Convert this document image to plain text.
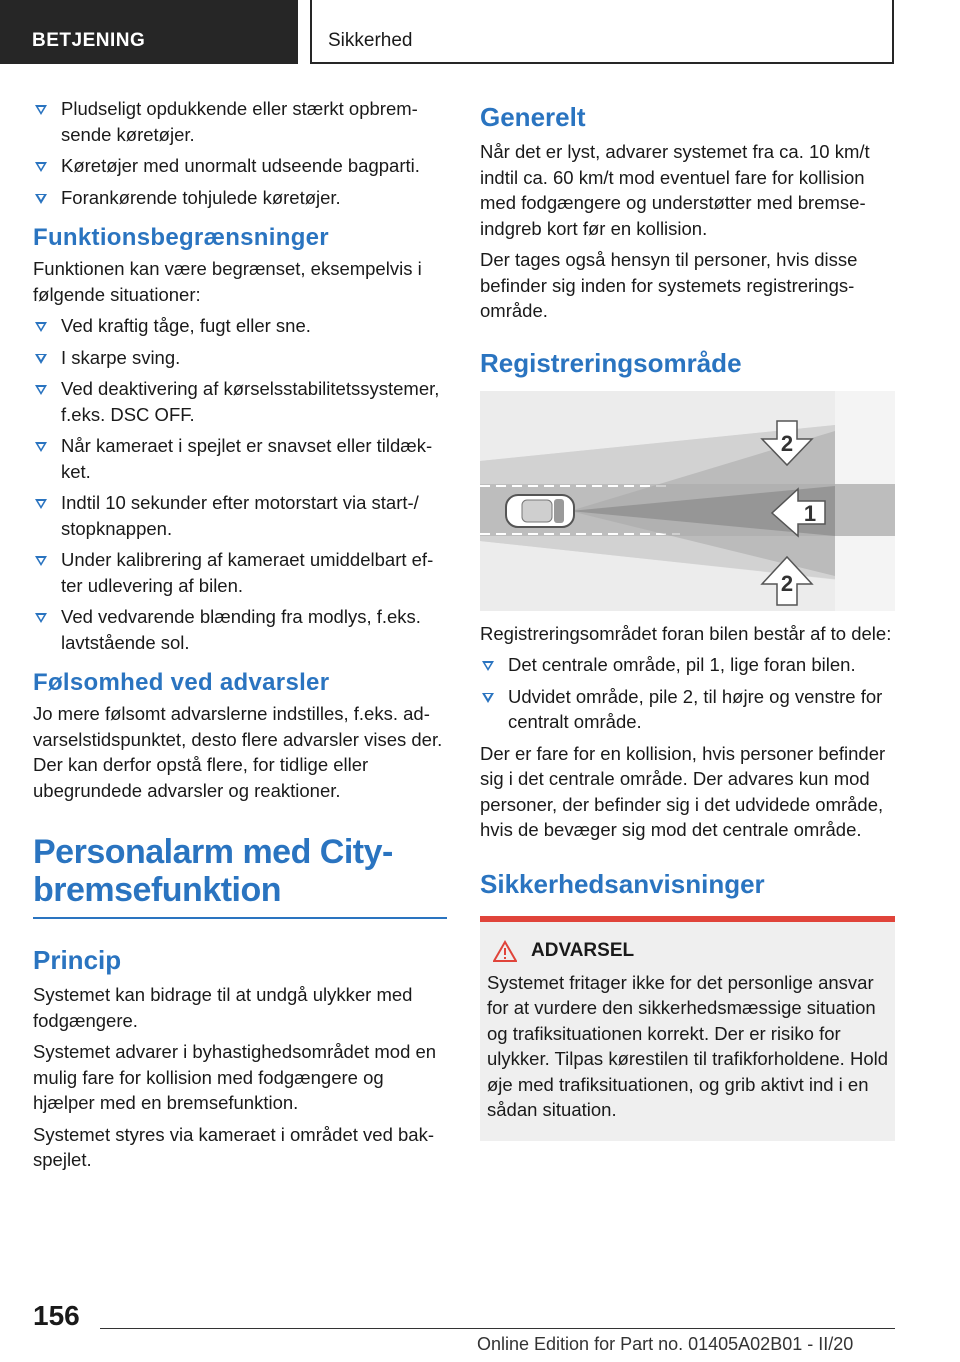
BETJENING	Sikkerhed
Pludseligt opdukkende eller stærkt opbremsende køretøjer.
Køretøjer med unormalt udseende bagparti.
Forankørende tohjulede køretøjer.
Funktionsbegrænsninger

Funktionen kan være begrænset, eksempelvis i følgende situationer:

Ved kraftig tåge, fugt eller sne.
I skarpe sving.
Ved deaktivering af kørselsstabilitetssystemer, f.eks. DSC OFF.
Når kameraet i spejlet er snavset eller tildækket.
Indtil 10 sekunder efter motorstart via start-/ stopknappen.
Under kalibrering af kameraet umiddelbart efter udlevering af bilen.
Ved vedvarende blænding fra modlys, f.eks. lavtstående sol.
Følsomhed ved advarsler

Jo mere følsomt advarslerne indstilles, f.eks. advarselstidspunktet, desto flere advarsler vises der. Der kan derfor opstå flere, for tidlige eller ubegrundede advarsler og reaktioner.

Personalarm med Citybremsefunktion
Princip

Systemet kan bidrage til at undgå ulykker med fodgængere.

Systemet advarer i byhastighedsområdet mod en mulig fare for kollision med fodgængere og hjælper med en bremsefunktion.

Systemet styres via kameraet i området ved bakspejlet.

Generelt

Når det er lyst, advarer systemet fra ca. 10 km/t indtil ca. 60 km/t mod eventuel fare for kollision med fodgængere og understøtter med bremseindgreb kort før en kollision.

Der tages også hensyn til personer, hvis disse befinder sig inden for systemets registreringsområde.

Registreringsområde
2
1
2

Registreringsområdet foran bilen består af to dele:

Det centrale område, pil 1, lige foran bilen.
Udvidet område, pile 2, til højre og venstre for centralt område.

Der er fare for en kollision, hvis personer befinder sig i det centrale område. Der advares kun mod personer, der befinder sig i det udvidede område, hvis de bevæger sig mod det centrale område.

Sikkerhedsanvisninger
ADVARSEL

Systemet fritager ikke for det personlige ansvar for at vurdere den sikkerhedsmæssige situation og trafiksituationen korrekt. Der er risiko for ulykker. Tilpas kørestilen til trafikforholdene. Hold øje med trafiksituationen, og grib aktivt ind i en sådan situation.

156
Online Edition for Part no. 01405A02B01 - II/20
